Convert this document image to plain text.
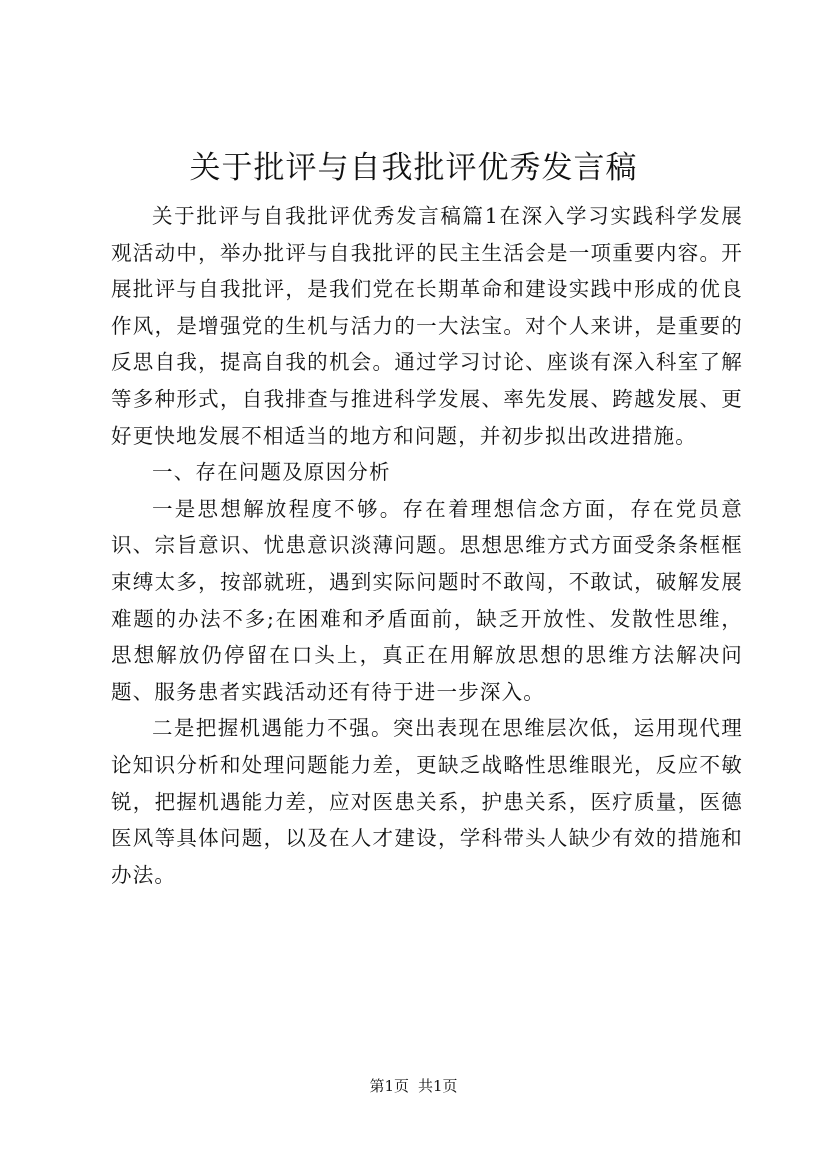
关于批评与自我批评优秀发言稿

关于批评与自我批评优秀发言稿篇1在深入学习实践科学发展观活动中，举办批评与自我批评的民主生活会是一项重要内容。开展批评与自我批评，是我们党在长期革命和建设实践中形成的优良作风，是增强党的生机与活力的一大法宝。对个人来讲，是重要的反思自我，提高自我的机会。通过学习讨论、座谈有深入科室了解等多种形式，自我排查与推进科学发展、率先发展、跨越发展、更好更快地发展不相适当的地方和问题，并初步拟出改进措施。

一、存在问题及原因分析

一是思想解放程度不够。存在着理想信念方面，存在党员意识、宗旨意识、忧患意识淡薄问题。思想思维方式方面受条条框框束缚太多，按部就班，遇到实际问题时不敢闯，不敢试，破解发展难题的办法不多;在困难和矛盾面前，缺乏开放性、发散性思维，思想解放仍停留在口头上，真正在用解放思想的思维方法解决问题、服务患者实践活动还有待于进一步深入。

二是把握机遇能力不强。突出表现在思维层次低，运用现代理论知识分析和处理问题能力差，更缺乏战略性思维眼光，反应不敏锐，把握机遇能力差，应对医患关系，护患关系，医疗质量，医德医风等具体问题，以及在人才建设，学科带头人缺少有效的措施和办法。

第1页 共1页
